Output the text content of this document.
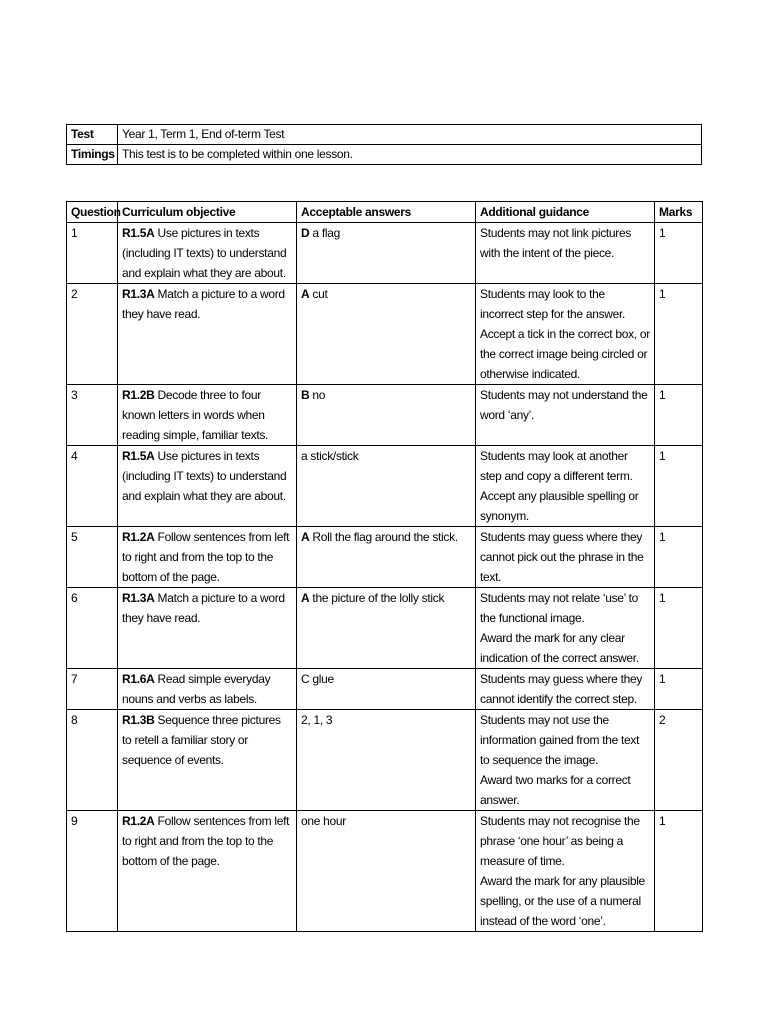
Test	Year 1, Term 1, End of-term Test
Timings	This test is to be completed within one lesson.
Question	Curriculum objective	Acceptable answers	Additional guidance	Marks
1	R1.5A Use pictures in texts (including IT texts) to understand and explain what they are about.	D a flag	Students may not link pictures with the intent of the piece.	1
2	R1.3A Match a picture to a word they have read.	A cut	Students may look to the incorrect step for the answer.
Accept a tick in the correct box, or the correct image being circled or otherwise indicated.	1
3	R1.2B Decode three to four known letters in words when reading simple, familiar texts.	B no	Students may not understand the word ‘any’.	1
4	R1.5A Use pictures in texts (including IT texts) to understand and explain what they are about.	a stick/stick	Students may look at another step and copy a different term.
Accept any plausible spelling or synonym.	1
5	R1.2A Follow sentences from left to right and from the top to the bottom of the page.	A Roll the flag around the stick.	Students may guess where they cannot pick out the phrase in the text.	1
6	R1.3A Match a picture to a word they have read.	A the picture of the lolly stick	Students may not relate ‘use’ to the functional image.
Award the mark for any clear indication of the correct answer.	1
7	R1.6A Read simple everyday nouns and verbs as labels.	C glue	Students may guess where they cannot identify the correct step.	1
8	R1.3B Sequence three pictures to retell a familiar story or sequence of events.	2, 1, 3	Students may not use the information gained from the text to sequence the image.
Award two marks for a correct answer.	2
9	R1.2A Follow sentences from left to right and from the top to the bottom of the page.	one hour	Students may not recognise the phrase ‘one hour’ as being a measure of time.
Award the mark for any plausible spelling, or the use of a numeral instead of the word ‘one’.	1
